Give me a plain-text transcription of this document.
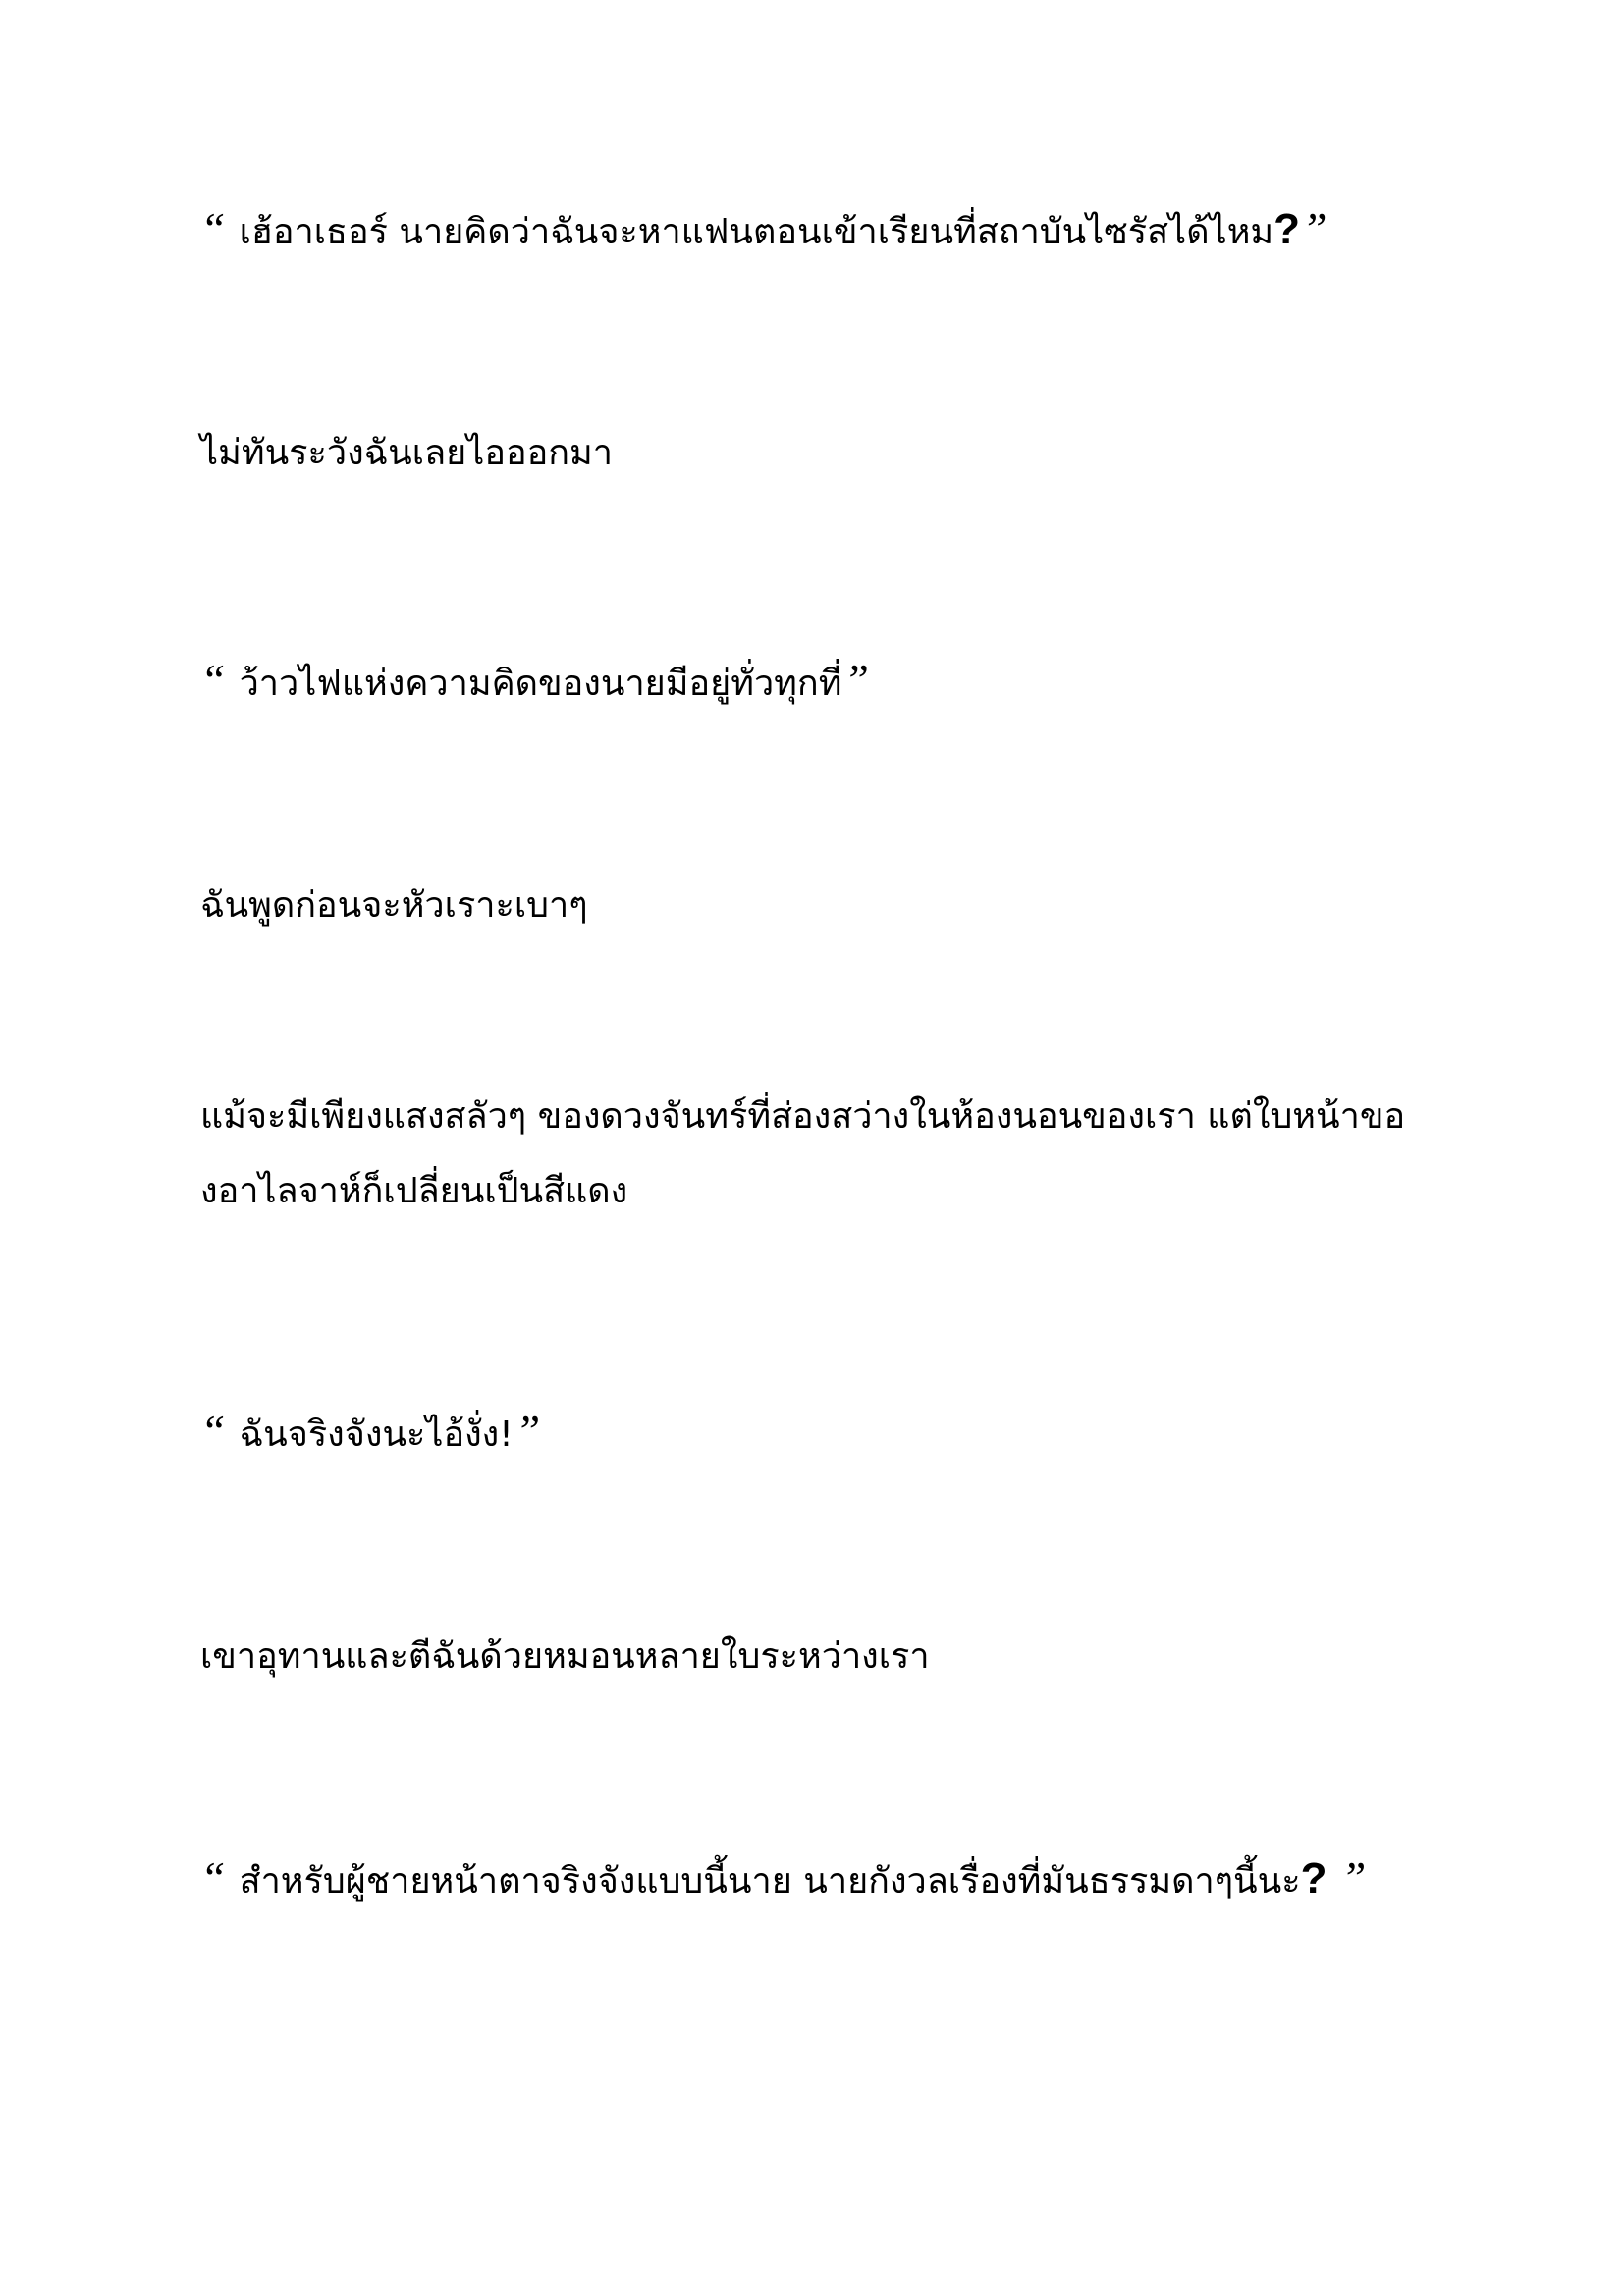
“ เฮ้อาเธอร์ นายคิดว่าฉันจะหาแฟนตอนเข้าเรียนที่สถาบันไซรัสได้ไหม?”

ไม่ทันระวังฉันเลยไอออกมา

“ ว้าวไฟแห่งความคิดของนายมีอยู่ทั่วทุกที่”

ฉันพูดก่อนจะหัวเราะเบาๆ

แม้จะมีเพียงแสงสลัวๆ ของดวงจันทร์ที่ส่องสว่างในห้องนอนของเรา แต่ใบหน้าของอาไลจาห์ก็เปลี่ยนเป็นสีแดง

“ ฉันจริงจังนะไอ้งั่ง!”

เขาอุทานและตีฉันด้วยหมอนหลายใบระหว่างเรา

“ สำหรับผู้ชายหน้าตาจริงจังแบบนี้นาย นายกังวลเรื่องที่มันธรรมดาๆนี้นะ? ”
